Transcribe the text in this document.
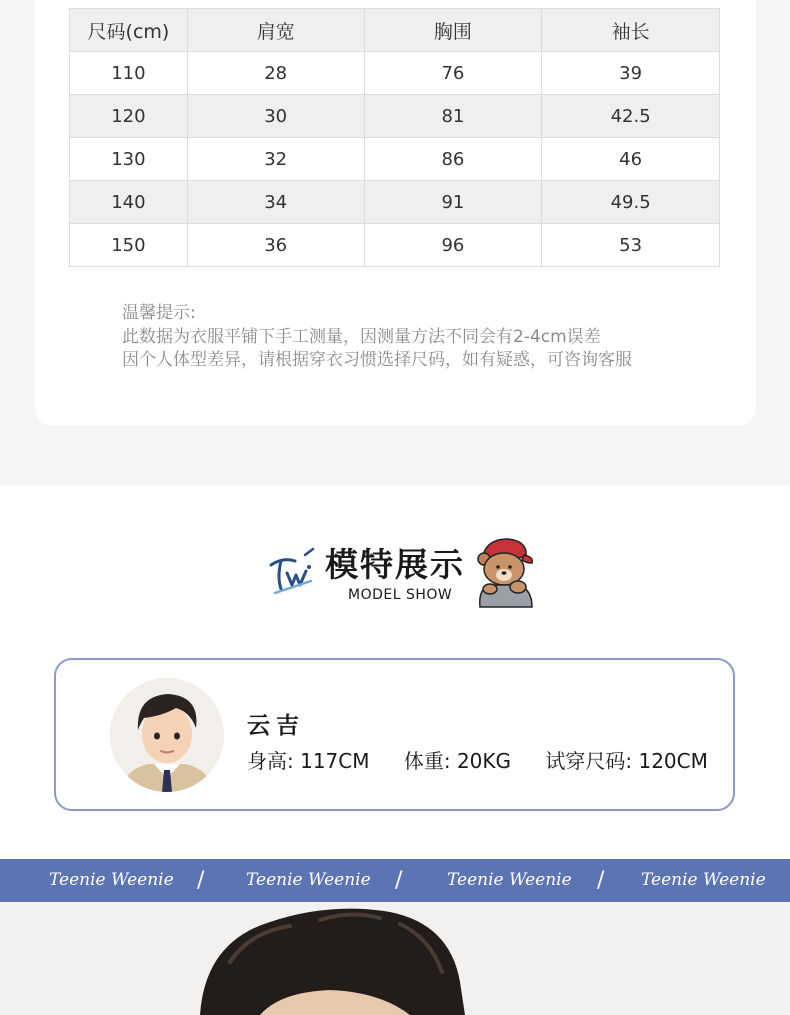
尺码(cm)	肩宽	胸围	袖长
110	28	76	39
120	30	81	42.5
130	32	86	46
140	34	91	49.5
150	36	96	53
温馨提示:
此数据为衣服平铺下手工测量，因测量方法不同会有2-4cm误差
因个人体型差异，请根据穿衣习惯选择尺码，如有疑惑，可咨询客服
模特展示
MODEL SHOW
云吉
身高: 117CM 体重: 20KG 试穿尺码: 120CM
Teenie Weenie / Teenie Weenie /	Teenie Weenie / Teenie Weenie
